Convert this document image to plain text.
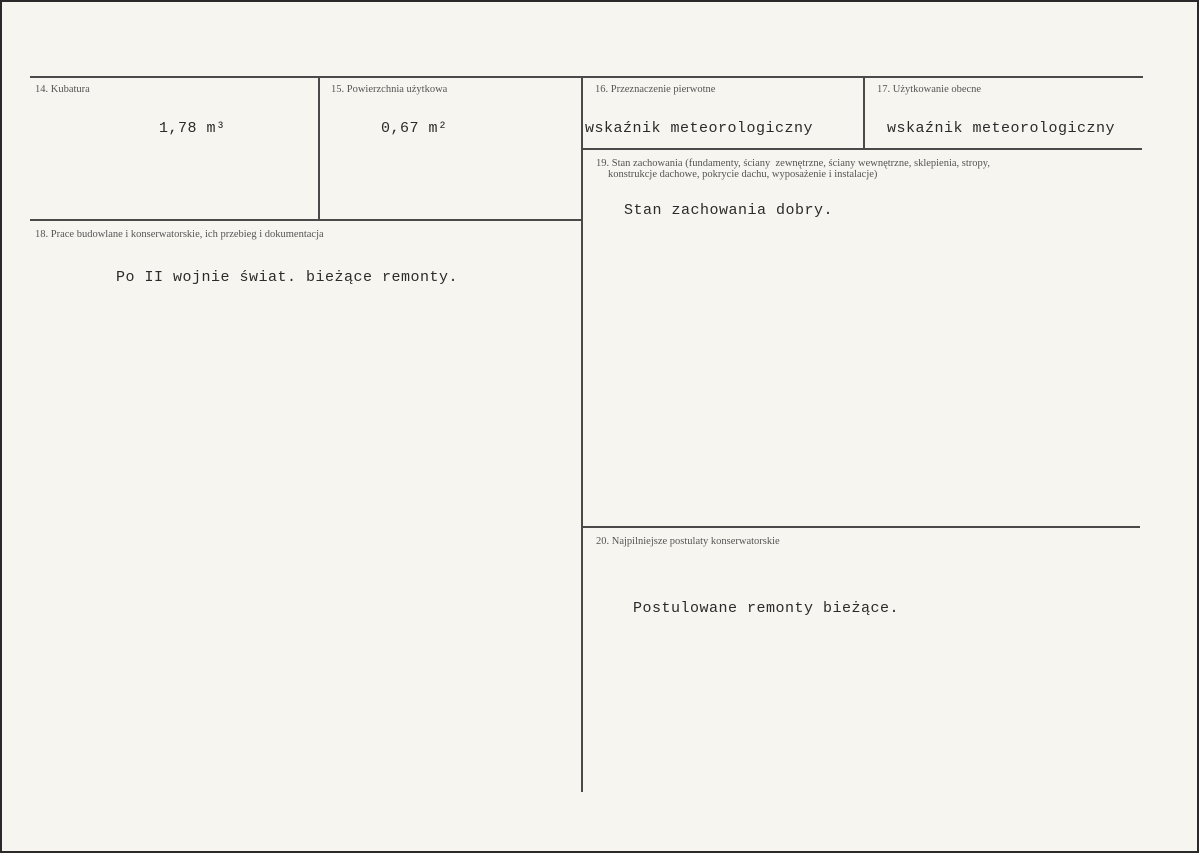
14. Kubatura
1,78 m³
15. Powierzchnia użytkowa
0,67 m²
16. Przeznaczenie pierwotne
wskaźnik meteorologiczny
17. Użytkowanie obecne
wskaźnik meteorologiczny
19. Stan zachowania (fundamenty, ściany  zewnętrzne, ściany wewnętrzne, sklepienia, stropy,
konstrukcje dachowe, pokrycie dachu, wyposażenie i instalacje)
Stan zachowania dobry.
18. Prace budowlane i konserwatorskie, ich przebieg i dokumentacja
Po II wojnie świat. bieżące remonty.
20. Najpilniejsze postulaty konserwatorskie
Postulowane remonty bieżące.
